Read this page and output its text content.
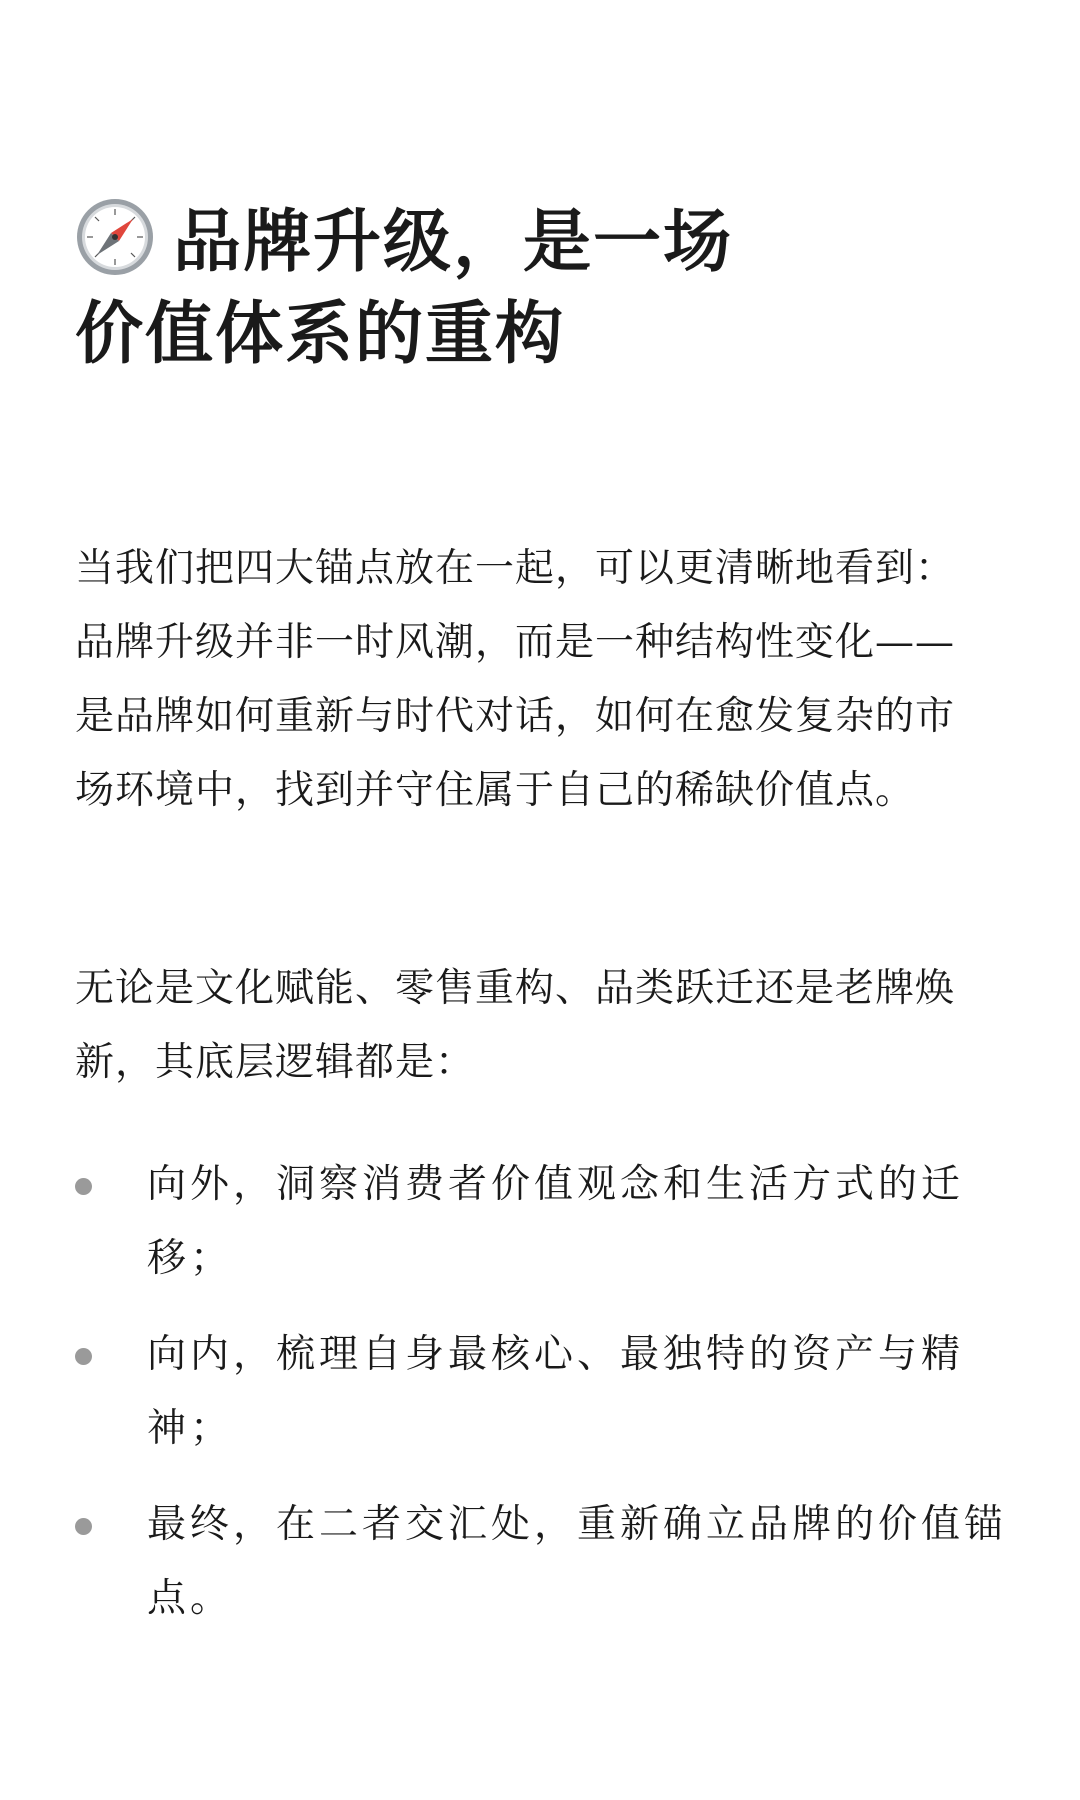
品牌升级，是一场
价值体系的重构
当我们把四大锚点放在一起，可以更清晰地看到：
品牌升级并非一时风潮，而是一种结构性变化——
是品牌如何重新与时代对话，如何在愈发复杂的市
场环境中，找到并守住属于自己的稀缺价值点。
无论是文化赋能、零售重构、品类跃迁还是老牌焕
新，其底层逻辑都是：
向外，洞察消费者价值观念和生活方式的迁
移；
向内，梳理自身最核心、最独特的资产与精
神；
最终，在二者交汇处，重新确立品牌的价值锚
点。
